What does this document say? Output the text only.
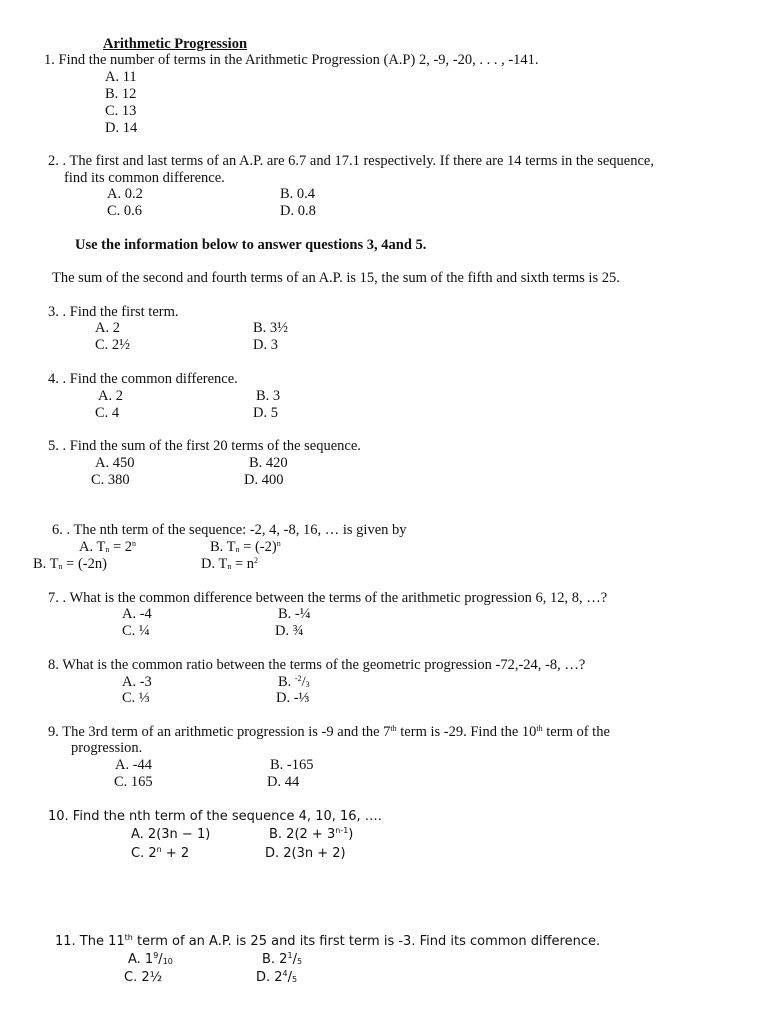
Arithmetic Progression
1. Find the number of terms in the Arithmetic Progression (A.P) 2, -9, -20, . . . , -141.
A. 11
B. 12
C. 13
D. 14
2. . The first and last terms of an A.P. are 6.7 and 17.1 respectively. If there are 14 terms in the sequence,
find its common difference.
A. 0.2	B. 0.4
C. 0.6	D. 0.8
Use the information below to answer questions 3, 4and 5.
The sum of the second and fourth terms of an A.P. is 15, the sum of the fifth and sixth terms is 25.
3. . Find the first term.
A. 2	B. 3½
C. 2½	D. 3
4. . Find the common difference.
A. 2	B. 3
C. 4	D. 5
5. . Find the sum of the first 20 terms of the sequence.
A. 450	B. 420
C. 380	D. 400
6. . The nth term of the sequence: -2, 4, -8, 16, … is given by
A. $T_n = 2^n$	B. $T_n = (-2)^n$
B. $T_n = (-2n)$	D. $T_n = n^2$
7. . What is the common difference between the terms of the arithmetic progression 6, 12, 8, …?
A. -4	B. -¼
C. ¼	D. ¾
8. What is the common ratio between the terms of the geometric progression -72,-24, -8, …?
A. -3	B. $^{-2}/_3$
C. ⅓	D. -⅓
9. The 3rd term of an arithmetic progression is -9 and the 7th term is -29. Find the 10th term of the
progression.
A. -44	B. -165
C. 165	D. 44
10. Find the nth term of the sequence 4, 10, 16, ….
A. 2(3n − 1)	B. $2(2 + 3^{n-1})$
C. $2^n + 2$	D. 2(3n + 2)
11. The 11th term of an A.P. is 25 and its first term is -3. Find its common difference.
A. $1^9/_{10}$	B. $2^1/_5$
C. 2½	D. $2^4/_5$
